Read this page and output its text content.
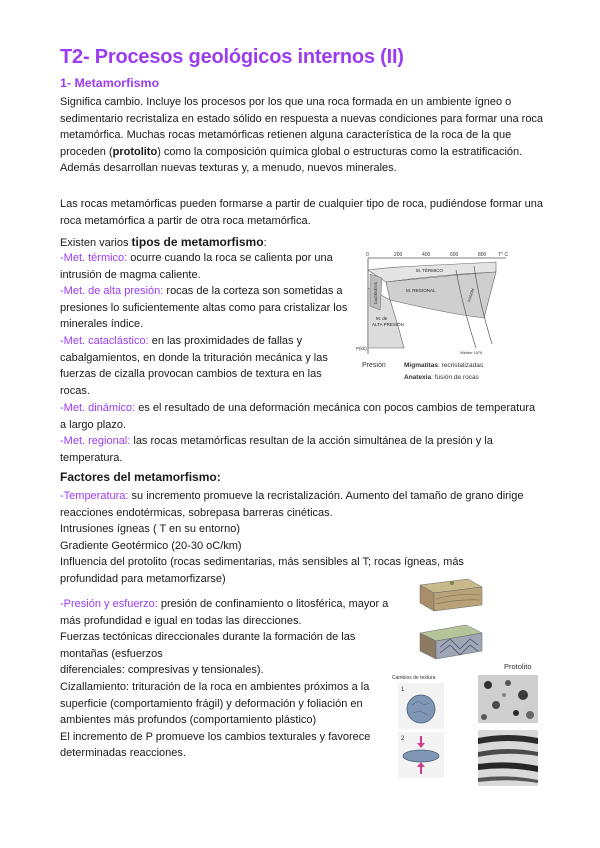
T2- Procesos geológicos internos (II)
1- Metamorfismo

Significa cambio. Incluye los procesos por los que una roca formada en un ambiente ígneo o sedimentario recristaliza en estado sólido en respuesta a nuevas condiciones para formar una roca metamórfica. Muchas rocas metamórficas retienen alguna característica de la roca de la que proceden (protolito) como la composición química global o estructuras como la estratificación. Además desarrollan nuevas texturas y, a menudo, nuevos minerales.

Las rocas metamórficas pueden formarse a partir de cualquier tipo de roca, pudiéndose formar una roca metamórfica a partir de otra roca metamórfica.

Existen varios tipos de metamorfismo:

-Met. térmico: ocurre cuando la roca se calienta por una intrusión de magma caliente.

-Met. de alta presión: rocas de la corteza son sometidas a presiones lo suficientemente altas como para cristalizar los minerales índice.

-Met. cataclástico: en las proximidades de fallas y cabalgamientos, en donde la trituración mecánica y las fuerzas de cizalla provocan cambios de textura en las rocas.

-Met. dinámico: es el resultado de una deformación mecánica con pocos cambios de temperatura a largo plazo.

-Met. regional: las rocas metamórficas resultan de la acción simultánea de la presión y la temperatura.

0	200	400	600	800 T° C
M. TÉRMICO
M. REGIONAL
M. de
ALTA PRESIÓN
DIAGÉNESIS	FUSIÓN
P(kb)
Winkler 1976
Presión	Migmatitas: recristalizadas
Anatexia: fusión de rocas
Factores del metamorfismo:

-Temperatura: su incremento promueve la recristalización. Aumento del tamaño de grano dirige reacciones endotérmicas, sobrepasa barreras cinéticas.

Intrusiones ígneas ( T en su entorno)

Gradiente Geotérmico (20-30 oC/km)

Influencia del protolito (rocas sedimentarias, más sensibles al T; rocas ígneas, más profundidad para metamorfizarse)

-Presión y esfuerzo: presión de confinamiento o litosférica, mayor a más profundidad e igual en todas las direcciones.

Fuerzas tectónicas direccionales durante la formación de las montañas (esfuerzos

diferenciales: compresivas y tensionales).

Cizallamiento: trituración de la roca en ambientes próximos a la superficie (comportamiento frágil) y deformación y foliación en ambientes más profundos (comportamiento plástico)

El incremento de P promueve los cambios texturales y favorece determinadas reacciones.

Protolito
Cambios de textura
1
2
